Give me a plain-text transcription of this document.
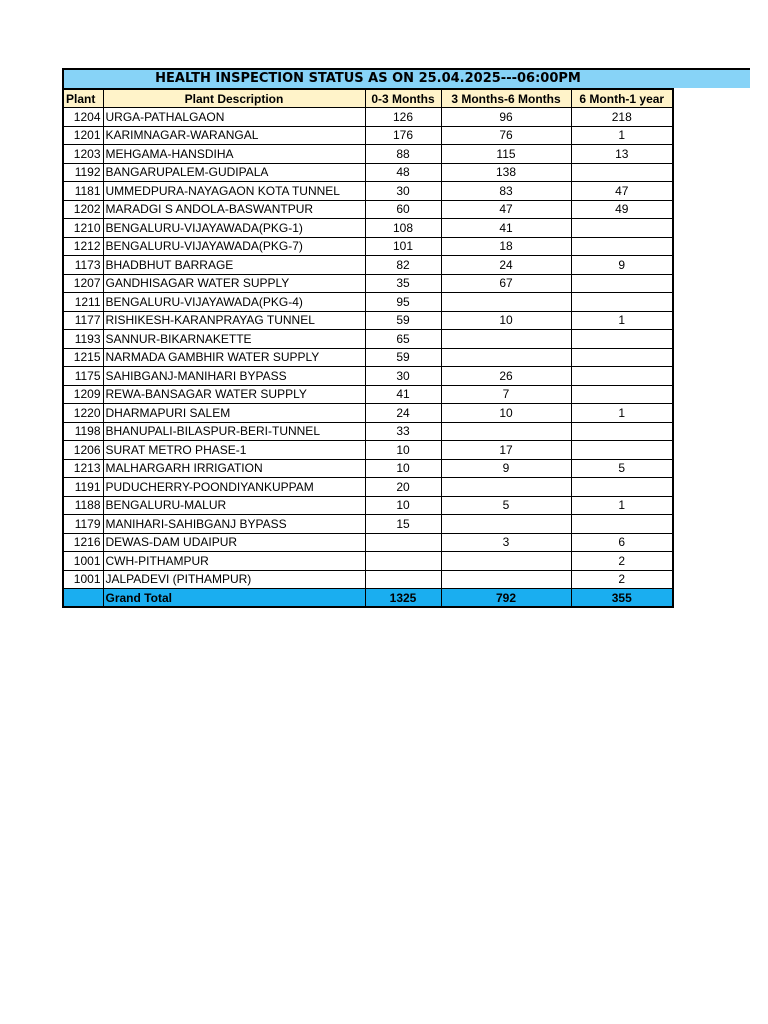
HEALTH INSPECTION STATUS AS ON 25.04.2025---06:00PM
Plant	Plant Description	0-3 Months	3 Months-6 Months	6 Month-1 year
1204	URGA-PATHALGAON	126	96	218
1201	KARIMNAGAR-WARANGAL	176	76	1
1203	MEHGAMA-HANSDIHA	88	115	13
1192	BANGARUPALEM-GUDIPALA	48	138	
1181	UMMEDPURA-NAYAGAON KOTA TUNNEL	30	83	47
1202	MARADGI S ANDOLA-BASWANTPUR	60	47	49
1210	BENGALURU-VIJAYAWADA(PKG-1)	108	41	
1212	BENGALURU-VIJAYAWADA(PKG-7)	101	18	
1173	BHADBHUT BARRAGE	82	24	9
1207	GANDHISAGAR WATER SUPPLY	35	67	
1211	BENGALURU-VIJAYAWADA(PKG-4)	95		
1177	RISHIKESH-KARANPRAYAG TUNNEL	59	10	1
1193	SANNUR-BIKARNAKETTE	65		
1215	NARMADA GAMBHIR WATER SUPPLY	59		
1175	SAHIBGANJ-MANIHARI BYPASS	30	26	
1209	REWA-BANSAGAR WATER SUPPLY	41	7	
1220	DHARMAPURI SALEM	24	10	1
1198	BHANUPALI-BILASPUR-BERI-TUNNEL	33		
1206	SURAT METRO PHASE-1	10	17	
1213	MALHARGARH IRRIGATION	10	9	5
1191	PUDUCHERRY-POONDIYANKUPPAM	20		
1188	BENGALURU-MALUR	10	5	1
1179	MANIHARI-SAHIBGANJ BYPASS	15		
1216	DEWAS-DAM UDAIPUR		3	6
1001	CWH-PITHAMPUR			2
1001	JALPADEVI (PITHAMPUR)			2
	Grand Total	1325	792	355
